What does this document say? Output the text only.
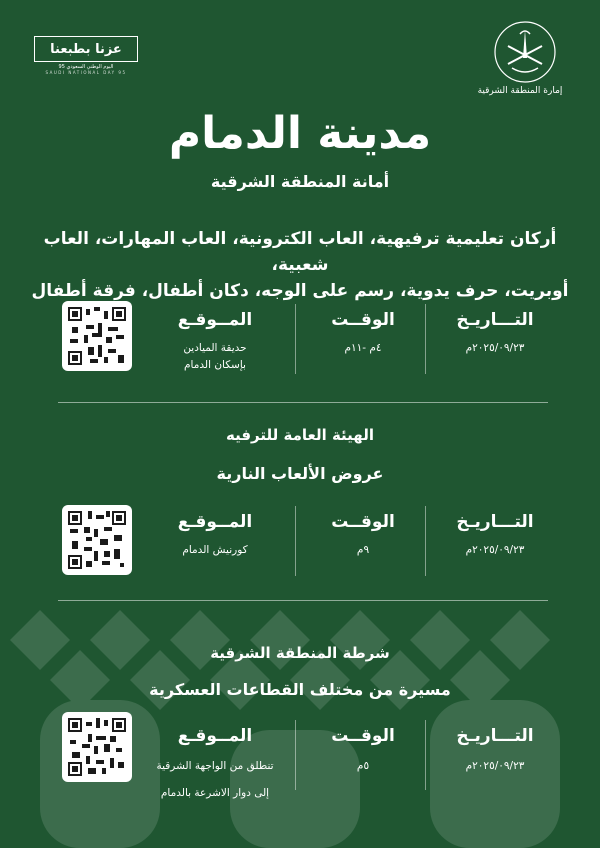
عزنا بطبعنا
اليوم الوطني السعودي 95
SAUDI NATIONAL DAY 95
إمارة المنطقة الشرقية
مدينة الدمام
أمانة المنطقة الشرقية
أركان تعليمية ترفيهية، العاب الكترونية، العاب المهارات، العاب شعبية،
أوبريت، حرف يدوية، رسم على الوجه، دكان أطفال، فرقة أطفال
التـــاريـخ
الوقــت
المــوقـع
٢٠٢٥/٠٩/٢٣م
٤م -١١م
حديقة الميادين
بإسكان الدمام
الهيئة العامة للترفيه
عروض الألعاب النارية
التـــاريـخ
الوقــت
المــوقـع
٢٠٢٥/٠٩/٢٣م
٩م
كورنيش الدمام
شرطة المنطقة الشرقية
مسيرة من مختلف القطاعات العسكرية
التـــاريـخ
الوقــت
المــوقـع
٢٠٢٥/٠٩/٢٣م
٥م
تنطلق من الواجهة الشرقية
إلى دوار الاشرعة بالدمام
